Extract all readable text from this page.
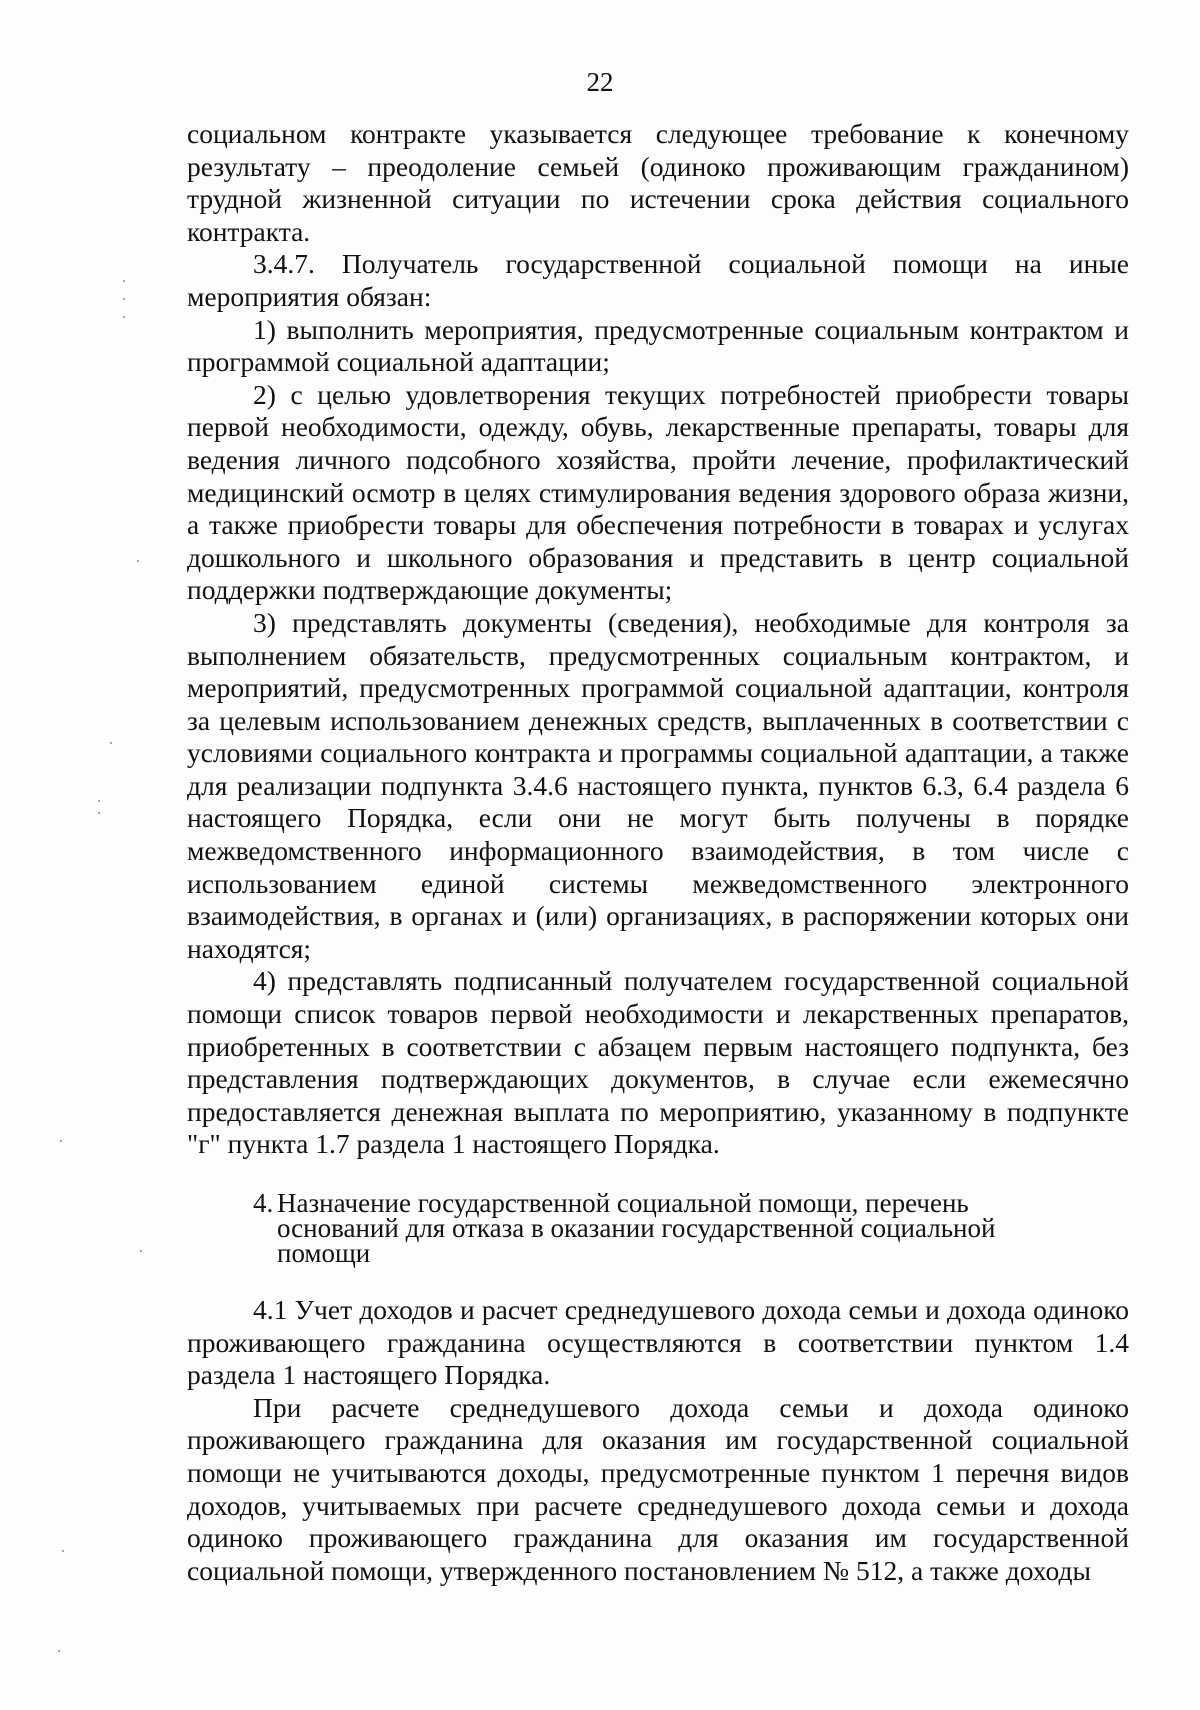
22

социальном контракте указывается следующее требование к конечному результату – преодоление семьей (одиноко проживающим гражданином) трудной жизненной ситуации по истечении срока действия социального контракта.

3.4.7. Получатель государственной социальной помощи на иные мероприятия обязан:

1) выполнить мероприятия, предусмотренные социальным контрактом и программой социальной адаптации;

2) с целью удовлетворения текущих потребностей приобрести товары первой необходимости, одежду, обувь, лекарственные препараты, товары для ведения личного подсобного хозяйства, пройти лечение, профилактический медицинский осмотр в целях стимулирования ведения здорового образа жизни, а также приобрести товары для обеспечения потребности в товарах и услугах дошкольного и школьного образования и представить в центр социальной поддержки подтверждающие документы;

3) представлять документы (сведения), необходимые для контроля за выполнением обязательств, предусмотренных социальным контрактом, и мероприятий, предусмотренных программой социальной адаптации, контроля за целевым использованием денежных средств, выплаченных в соответствии с условиями социального контракта и программы социальной адаптации, а также для реализации подпункта 3.4.6 настоящего пункта, пунктов 6.3, 6.4 раздела 6 настоящего Порядка, если они не могут быть получены в порядке межведомственного информационного взаимодействия, в том числе с использованием единой системы межведомственного электронного взаимодействия, в органах и (или) организациях, в распоряжении которых они находятся;

4) представлять подписанный получателем государственной социальной помощи список товаров первой необходимости и лекарственных препаратов, приобретенных в соответствии с абзацем первым настоящего подпункта, без представления подтверждающих документов, в случае если ежемесячно предоставляется денежная выплата по мероприятию, указанному в подпункте "г" пункта 1.7 раздела 1 настоящего Порядка.

4. Назначение государственной социальной помощи, перечень оснований для отказа в оказании государственной социальной помощи

4.1 Учет доходов и расчет среднедушевого дохода семьи и дохода одиноко проживающего гражданина осуществляются в соответствии пунктом 1.4 раздела 1 настоящего Порядка.

При расчете среднедушевого дохода семьи и дохода одиноко проживающего гражданина для оказания им государственной социальной помощи не учитываются доходы, предусмотренные пунктом 1 перечня видов доходов, учитываемых при расчете среднедушевого дохода семьи и дохода одиноко проживающего гражданина для оказания им государственной социальной помощи, утвержденного постановлением № 512, а также доходы
